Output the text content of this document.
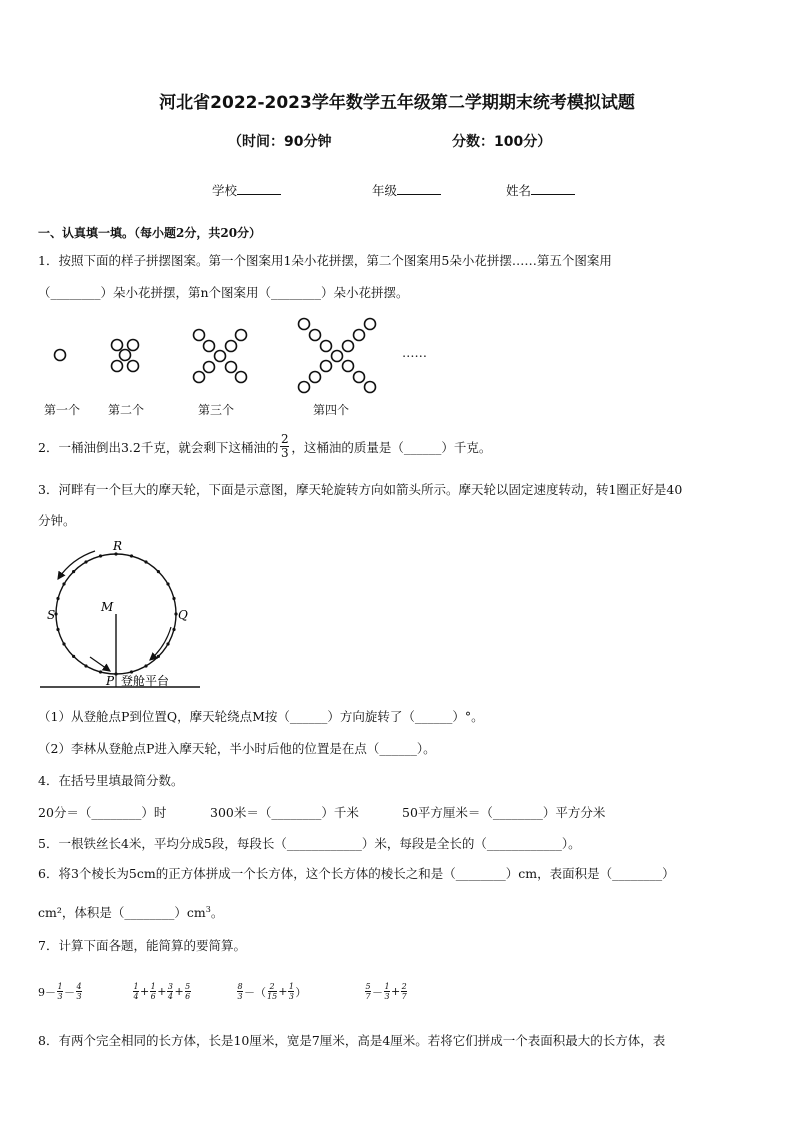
河北省2022-2023学年数学五年级第二学期期末统考模拟试题
（时间：90分钟	分数：100分）
学校	年级	姓名
一、认真填一填。（每小题2分，共20分）
1．按照下面的样子拼摆图案。第一个图案用1朵小花拼摆，第二个图案用5朵小花拼摆……第五个图案用
（________）朵小花拼摆，第n个图案用（________）朵小花拼摆。
……
第一个 第二个	第三个	第四个
2．一桶油倒出3.2千克，就会剩下这桶油的 $\frac{2}{3}$ ，这桶油的质量是（______）千克。
3．河畔有一个巨大的摩天轮，下面是示意图，摩天轮旋转方向如箭头所示。摩天轮以固定速度转动，转1圈正好是40
分钟。
R
S	Q
M
P 登舱平台
（1）从登舱点P到位置Q，摩天轮绕点M按（______）方向旋转了（______）°。
（2）李林从登舱点P进入摩天轮，半小时后他的位置是在点（______）。
4．在括号里填最简分数。
20分＝（________）时	300米＝（________）千米	50平方厘米＝（________）平方分米
5．一根铁丝长4米，平均分成5段，每段长（____________）米，每段是全长的（____________）。
6．将3个棱长为5cm的正方体拼成一个长方体，这个长方体的棱长之和是（________）cm，表面积是（________）
cm²，体积是$(\_\_\_\_\_\_\_\_)cm^3$。
7．计算下面各题，能简算的要简算。
9－ 1
3 － 4
3
1
4 + 1
6 + 3
4 + 5
6
8
3 －（ 2
15 + 1
3 ）	5
7 － 1
3 + 2
7
8．有两个完全相同的长方体，长是10厘米，宽是7厘米，高是4厘米。若将它们拼成一个表面积最大的长方体，表
